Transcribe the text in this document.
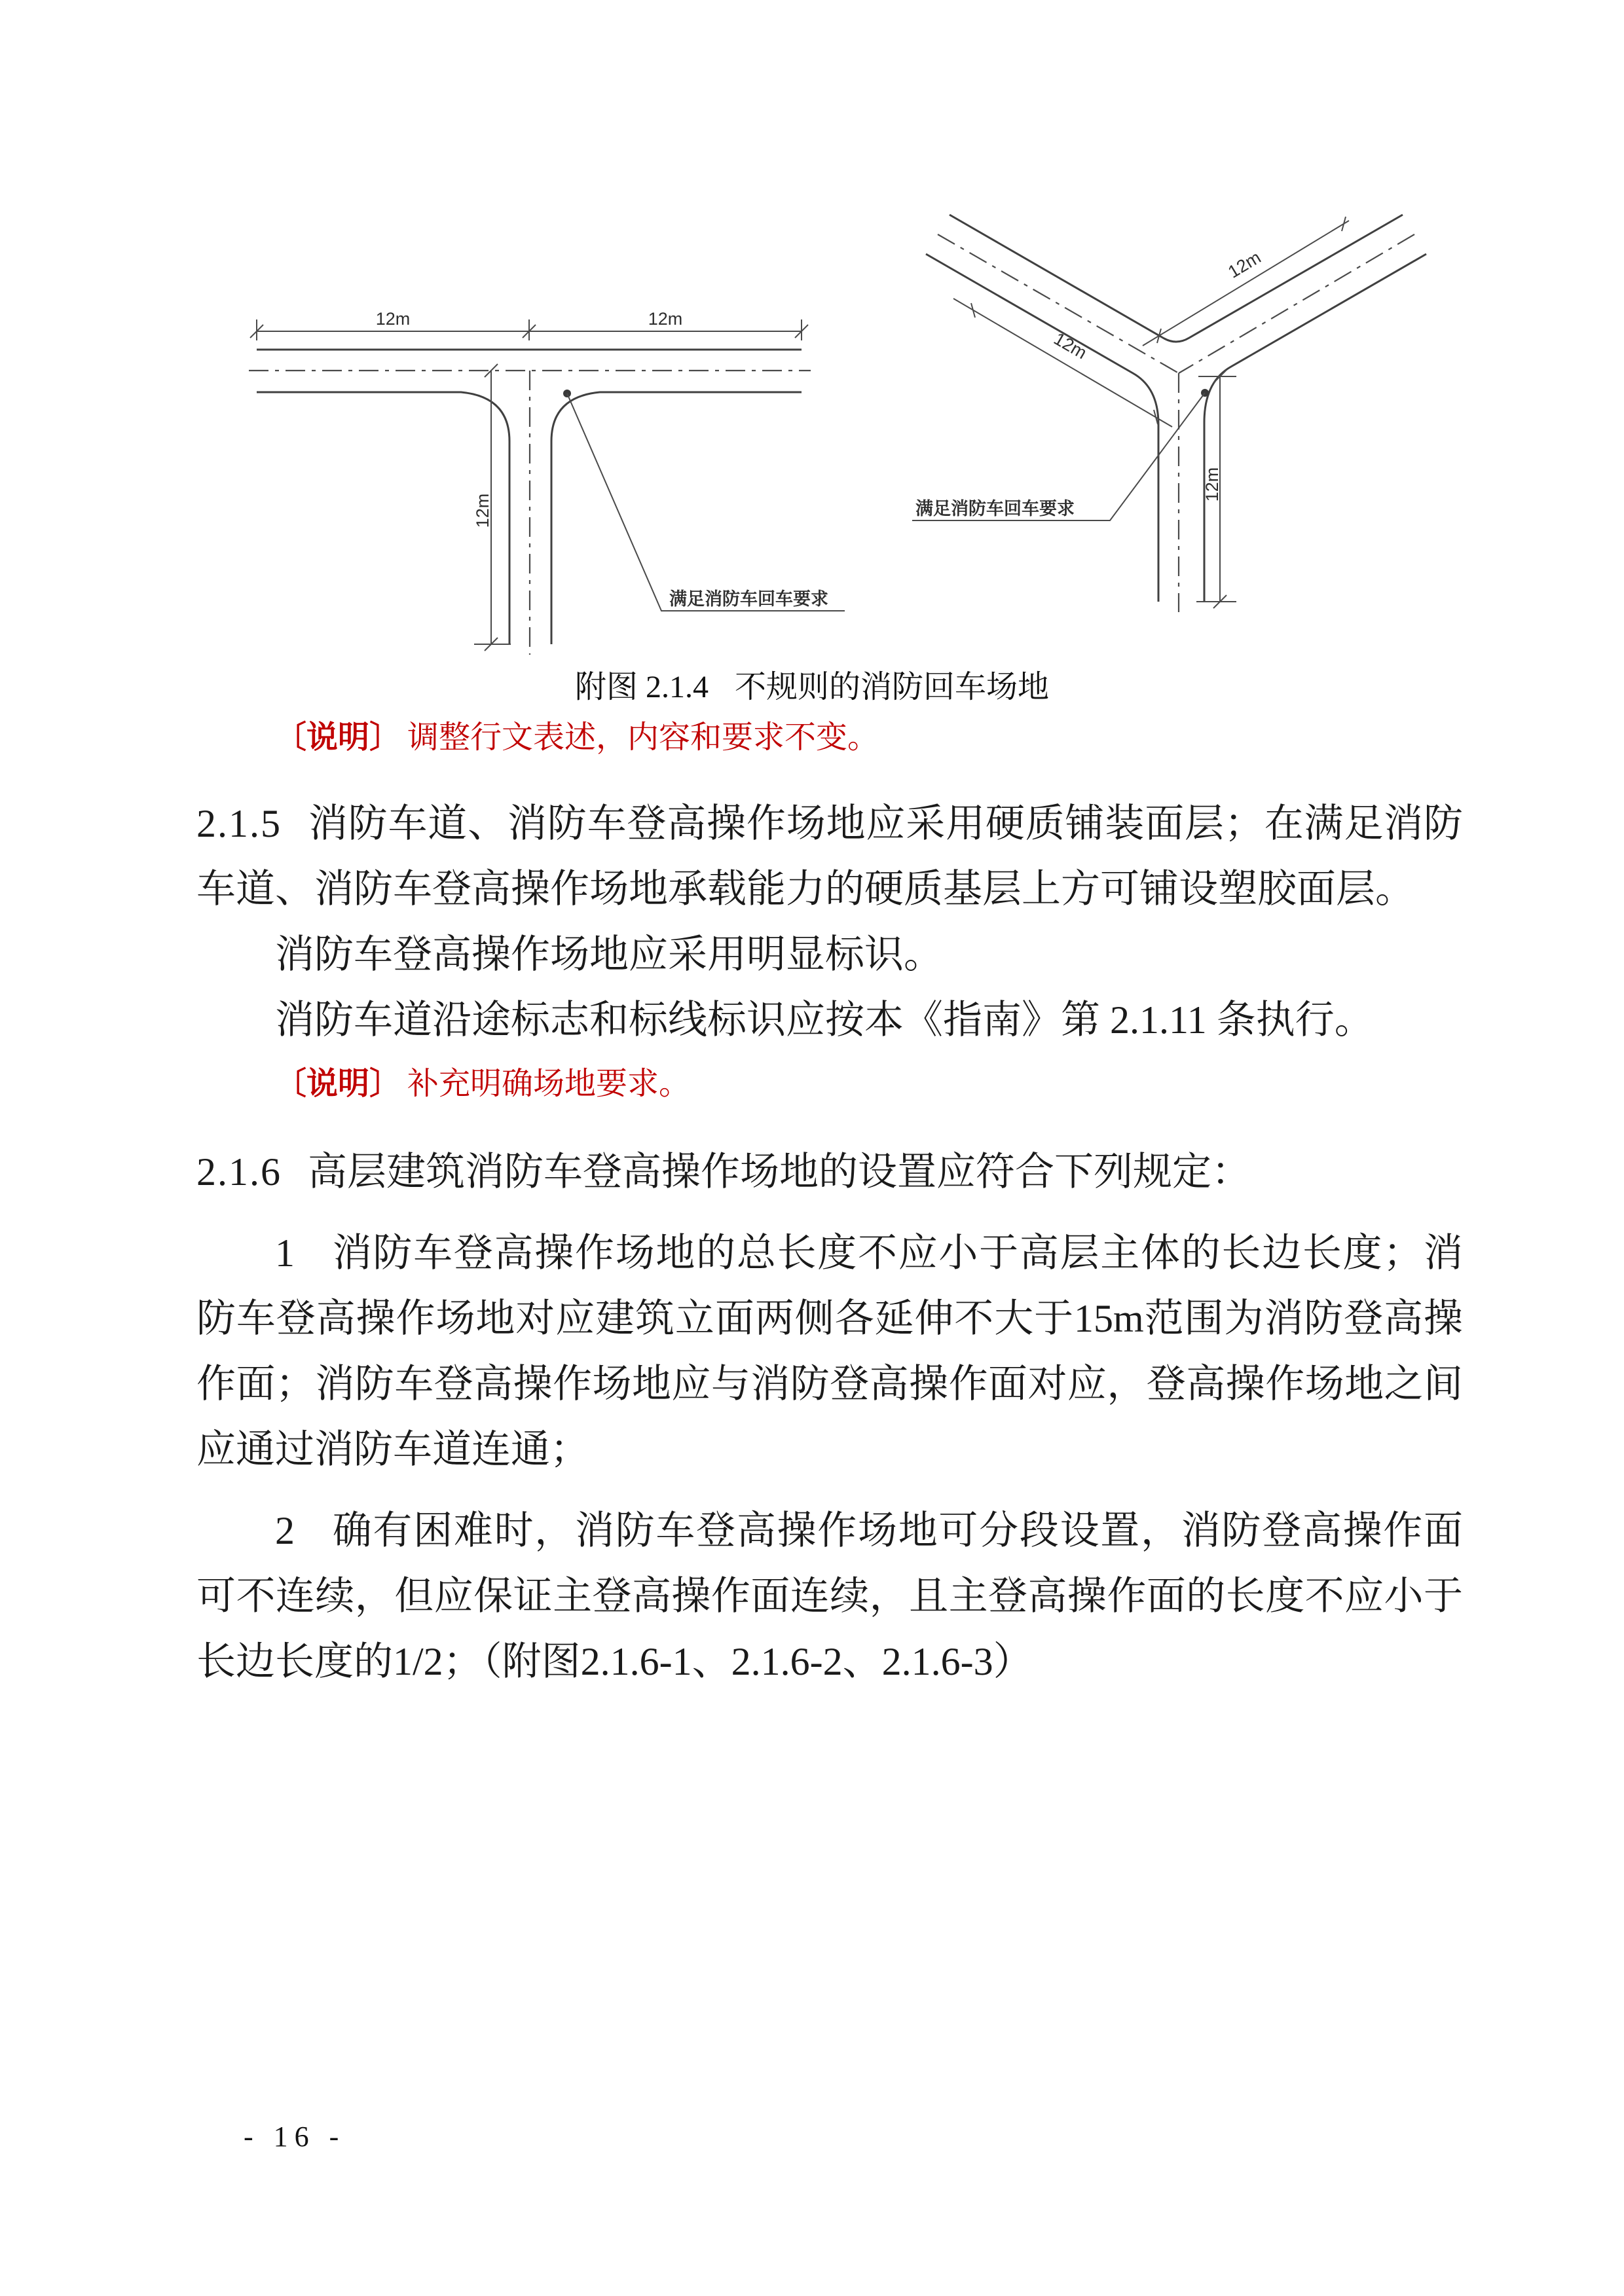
12m	12m
12m
满足消防车回车要求
12m
12m
12m
满足消防车回车要求
附图 2.1.4 不规则的消防回车场地
〔说明〕 调整行文表述，内容和要求不变。

2.1.5 消防车道、消防车登高操作场地应采用硬质铺装面层；在满足消防车道、消防车登高操作场地承载能力的硬质基层上方可铺设塑胶面层。

消防车登高操作场地应采用明显标识。

消防车道沿途标志和标线标识应按本《指南》第 2.1.11 条执行。

〔说明〕 补充明确场地要求。

2.1.6 高层建筑消防车登高操作场地的设置应符合下列规定：

1 消防车登高操作场地的总长度不应小于高层主体的长边长度；消防车登高操作场地对应建筑立面两侧各延伸不大于15m范围为消防登高操作面；消防车登高操作场地应与消防登高操作面对应，登高操作场地之间应通过消防车道连通；

2 确有困难时，消防车登高操作场地可分段设置，消防登高操作面可不连续，但应保证主登高操作面连续，且主登高操作面的长度不应小于长边长度的1/2；（附图2.1.6-1、2.1.6-2、2.1.6-3）

- 16 -
